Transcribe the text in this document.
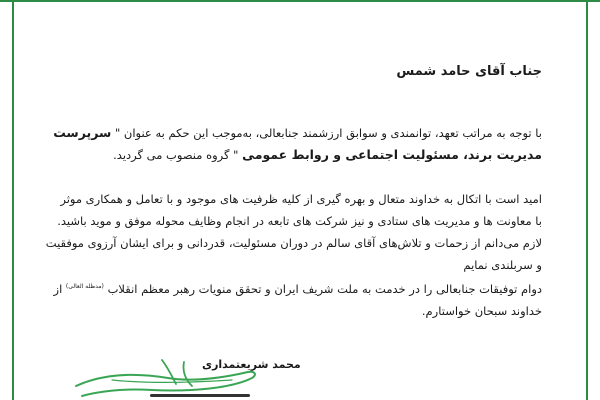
جناب آقای حامد شمس
با توجه به مراتب تعهد، توانمندی و سوابق ارزشمند جنابعالی، به‌موجب این حکم به عنوان " سرپرست
مدیریت برند، مسئولیت اجتماعی و روابط عمومی " گروه منصوب می گردید.
امید است با اتکال به خداوند متعال و بهره گیری از کلیه ظرفیت های موجود و با تعامل و همکاری موثر
با معاونت ها و مدیریت های ستادی و نیز شرکت های تابعه در انجام وظایف محوله موفق و موید باشید.
لازم می‌دانم از زحمات و تلاش‌های آقای سالم در دوران مسئولیت، قدردانی و برای ایشان آرزوی موفقیت
و سربلندی نمایم
دوام توفیقات جنابعالی را در خدمت به ملت شریف ایران و تحقق منویات رهبر معظم انقلاب $^{(مدظله العالی)}$ از
خداوند سبحان خواستارم.
محمد شریعتمداری
